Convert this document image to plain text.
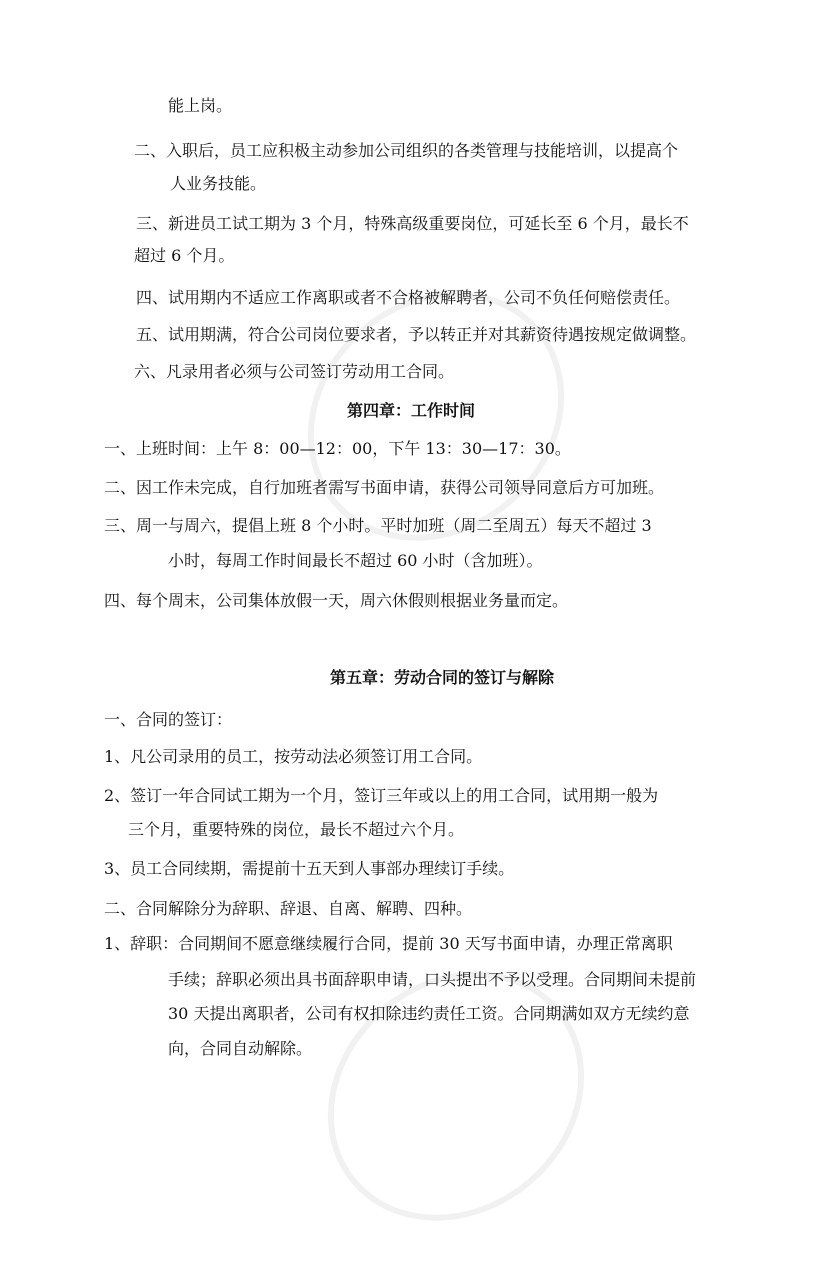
能上岗。
二、入职后，员工应积极主动参加公司组织的各类管理与技能培训，以提高个
人业务技能。
三、新进员工试工期为 3 个月，特殊高级重要岗位，可延长至 6 个月，最长不
超过 6 个月。
四、试用期内不适应工作离职或者不合格被解聘者，公司不负任何赔偿责任。
五、试用期满，符合公司岗位要求者，予以转正并对其薪资待遇按规定做调整。
六、凡录用者必须与公司签订劳动用工合同。
第四章：工作时间
一、上班时间：上午 8：00—12：00，下午 13：30—17：30。
二、因工作未完成，自行加班者需写书面申请，获得公司领导同意后方可加班。
三、周一与周六，提倡上班 8 个小时。平时加班（周二至周五）每天不超过 3
小时，每周工作时间最长不超过 60 小时（含加班）。
四、每个周末，公司集体放假一天，周六休假则根据业务量而定。
第五章：劳动合同的签订与解除
一、合同的签订：
1、凡公司录用的员工，按劳动法必须签订用工合同。
2、签订一年合同试工期为一个月，签订三年或以上的用工合同，试用期一般为
三个月，重要特殊的岗位，最长不超过六个月。
3、员工合同续期，需提前十五天到人事部办理续订手续。
二、合同解除分为辞职、辞退、自离、解聘、四种。
1、辞职：合同期间不愿意继续履行合同，提前 30 天写书面申请，办理正常离职
手续；辞职必须出具书面辞职申请，口头提出不予以受理。合同期间未提前
30 天提出离职者，公司有权扣除违约责任工资。合同期满如双方无续约意
向，合同自动解除。
